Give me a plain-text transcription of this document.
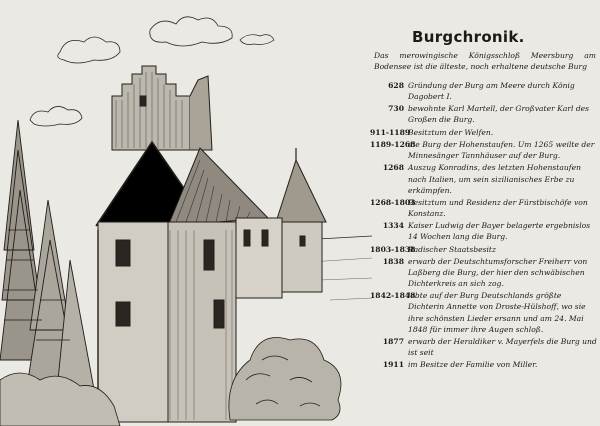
Burgchronik.
Das merowingische Königsschloß Meersburg am Bodensee ist die älteste, noch erhaltene deutsche Burg
628 Gründung der Burg am Meere durch König Dagobert I.
730 bewohnte Karl Martell, der Großvater Karl des Großen die Burg.
911-1189
Besitztum der Welfen.
1189-1268
die Burg der Hohenstaufen. Um 1265 weilte der Minnesänger Tannhäuser auf der Burg.
1268 Auszug Konradins, des letzten Hohenstaufen nach Italien, um sein sizilianisches Erbe zu erkämpfen.
1268-1803
Besitztum und Residenz der Fürstbischöfe von Konstanz.
1334 Kaiser Ludwig der Bayer belagerte ergebnislos 14 Wochen lang die Burg.
1803-1838
Badischer Staatsbesitz
1838 erwarb der Deutschtumsforscher Freiherr von Laßberg die Burg, der hier den schwäbischen Dichterkreis an sich zog.
1842-1848
lebte auf der Burg Deutschlands größte Dichterin Annette von Droste-Hülshoff, wo sie ihre schönsten Lieder ersann und am 24. Mai 1848 für immer ihre Augen schloß.
1877 erwarb der Heraldiker v. Mayerfels die Burg und ist seit
1911 im Besitze der Familie von Miller.
